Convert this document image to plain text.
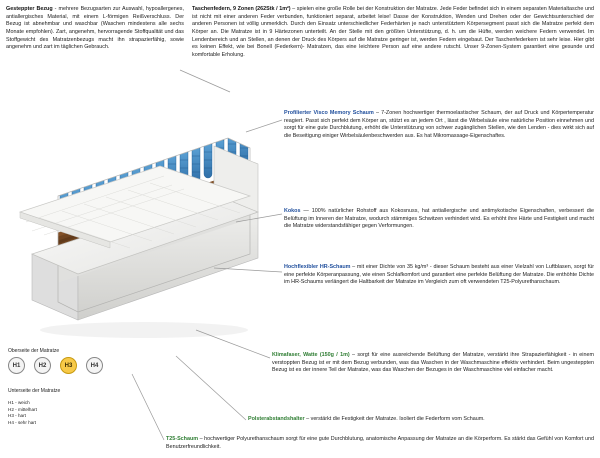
Gesteppter Bezug - mehrere Bezugsarten zur Auswahl, hypoallergenes, antiallergisches Material, mit einem L-förmigen Reißverschluss. Der Bezug ist abnehmbar und waschbar (Waschen mindestens alle sechs Monate empfohlen). Zart, angenehm, hervorragende Stoffqualität und das Stoffgewicht des Matratzenbezugs macht ihn strapazierfähig, sowie angenehm und zart im täglichen Gebrauch.
Taschenfedern, 9 Zonen (262Stk / 1m²) – spielen eine große Rolle bei der Konstruktion der Matratze. Jede Feder befindet sich in einem separaten Materialtasche und ist nicht mit einer anderen Feder verbunden, funktioniert separat, arbeitet leise! Dasse der Konstruktion, Wenden und Drehen oder der Gewichtsunterschied der anderen Personen ist völlig unmerklich. Durch den Einsatz unterschiedlicher Federhärten je nach unterstütztem Körpersegment passt sich die Matratze perfekt dem Körper an. Die Matratze ist in 9 Härtezonen unterteilt. An der Stelle mit den größten Unterstützung, d. h. um die Hüfte, werden weichere Federn verwendet. Im Lendenbereich und an Stellen, an denen der Druck des Körpers auf die Matratze geringer ist, werden Federn eingebaut. Der Taschenfederkern ist sehr leise. Hier gibt es keinen Effekt, wie bei Bonell (Federkern)- Matratzen, das eine leichtere Person auf eine andere rutscht. Unser 9-Zonen-System garantiert eine gesunde und komfortable Erholung.
Profilierter Visco Memory Schaum – 7-Zonen hochwertiger thermoelastischer Schaum, der auf Druck und Körpertemperatur reagiert. Passt sich perfekt dem Körper an, stützt es an jedem Ort , lässt die Wirbelsäule eine natürliche Position einnehmen und sorgt für eine gute Durchblutung, erhöht die Unterstützung von schwer zugänglichen Stellen, wie den Lenden - dies wirkt sich auf die Beseitigung einiger Wirbelsäulenbeschwerden aus. Es hat Mikromassage-Eigenschaftes.
Kokos — 100% natürlicher Rohstoff aus Kokosnuss, hat antiallergische und antimykotische Eigenschaften, verbessert die Belüftung im Inneren der Matratze, wodurch stämmiges Schwitzen verhindert wird. Es erhöht ihre Härte und Festigkeit und macht die Matratze widerstandsfähiger gegen Verformungen.
Hochflexibler HR-Schaum – mit einer Dichte von 35 kg/m³ - dieser Schaum besteht aus einer Vielzahl von Luftblasen, sorgt für eine perfekte Körperanpassung, wie einen Schlafkomfort und garantiert eine perfekte Belüftung der Matratze. Die enthöhte Dichte im HR-Schaums verlängert die Haltbarkeit der Matratze im Vergleich zum oft verwendeten T25-Polyurethanschaum.
Klimafaser, Watte (150g / 1m) – sorgt für eine ausreichende Belüftung der Matratze, verstärkt ihre Strapazierfähigkeit - in einem verstoppten Bezug ist er mit dem Bezug verbunden, was das Waschen in der Waschmaschine effektiv verhindert. Beim ungesteppten Bezug ist es der innere Teil der Matratze, was das Waschen der Bezuges in der Waschmaschine viel einfacher macht.
Polsterabstandshalter – verstärkt die Festigkeit der Matratze. Isoliert die Federform vom Schaum.
T25-Schaum – hochwertiger Polyurethanschaum sorgt für eine gute Durchblutung, anatomische Anpassung der Matratze an die Körperform. Es stärkt das Gefühl von Komfort und Benutzerfreundlichkeit.
Oberseite der Matratze
H1	H2	H3	H4
Unterseite der Matratze
H1 - weich
H2 - mittelhart
H3 - hart
H4 - sehr hart
